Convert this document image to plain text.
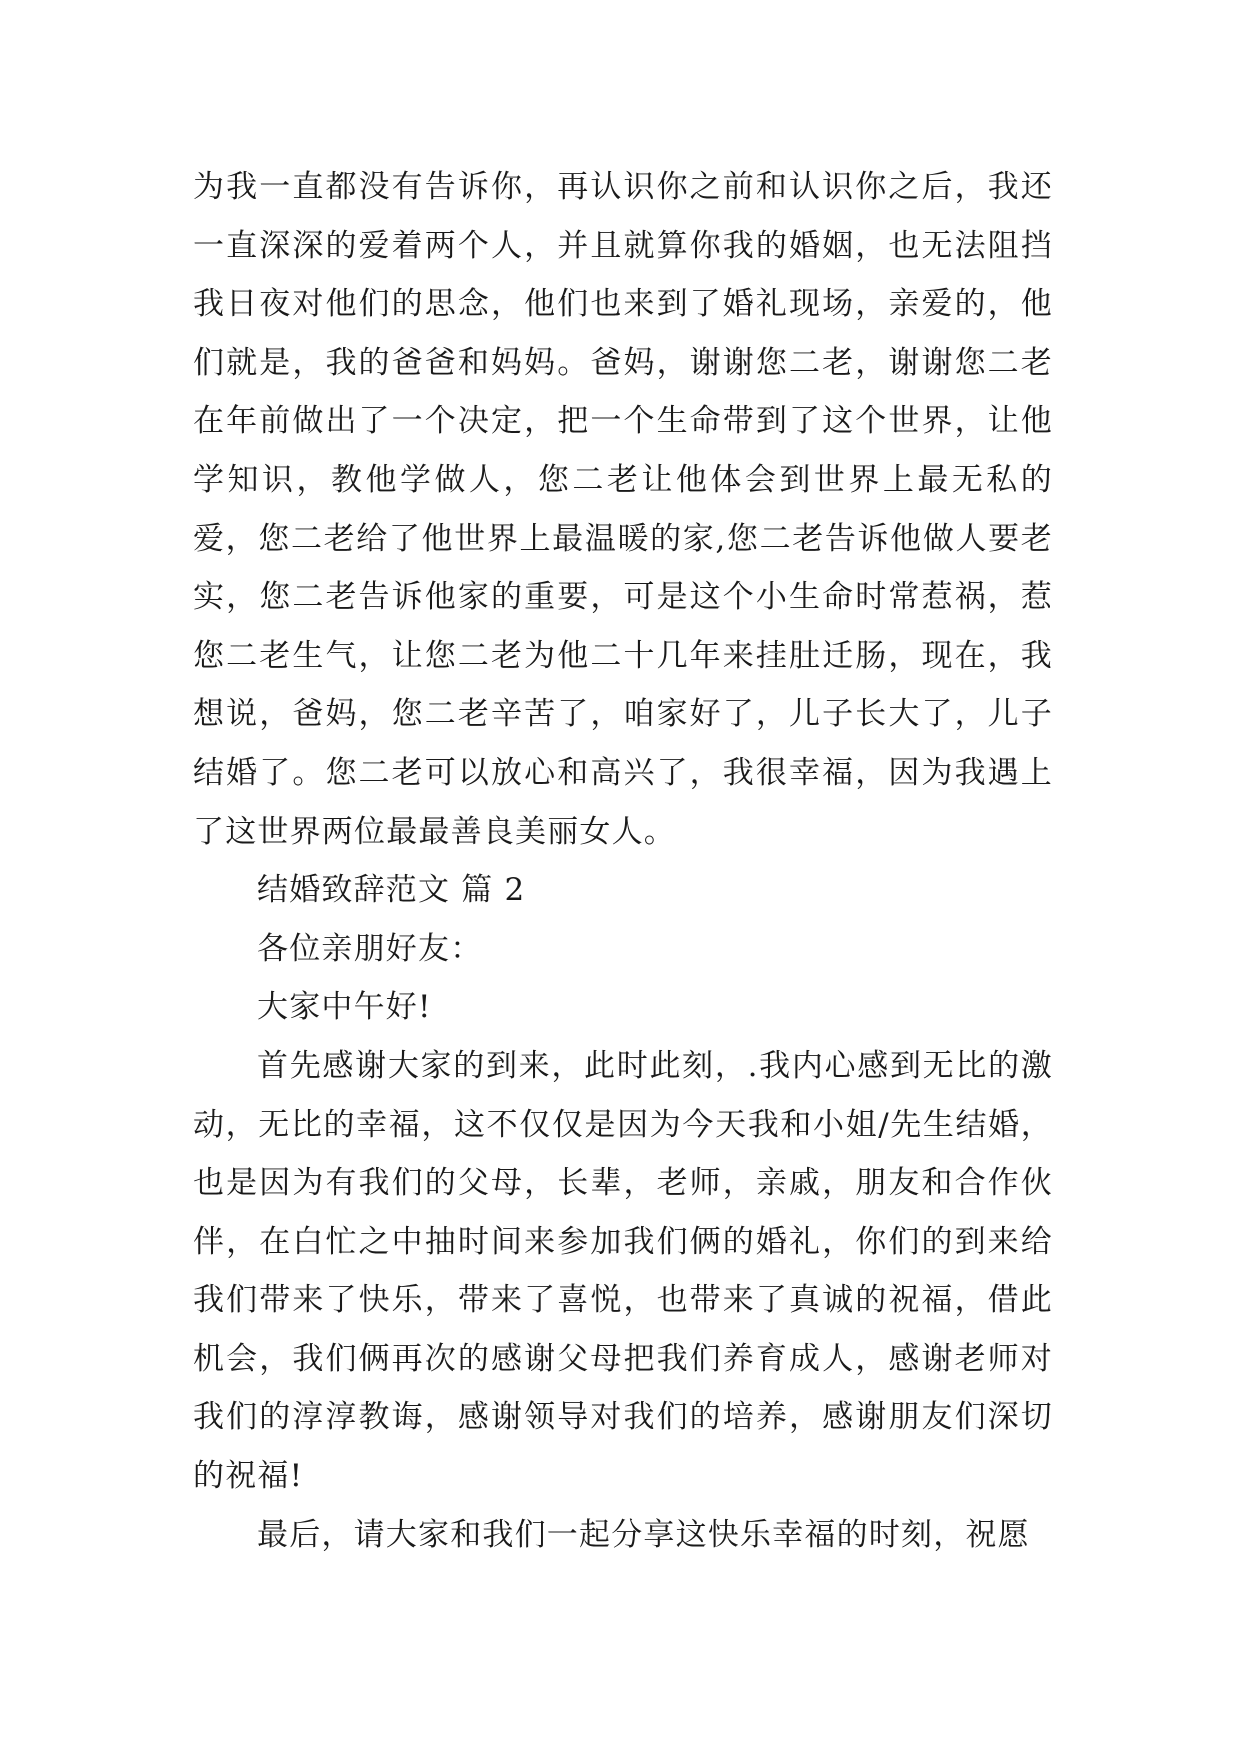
为我一直都没有告诉你，再认识你之前和认识你之后，我还一直深深的爱着两个人，并且就算你我的婚姻，也无法阻挡我日夜对他们的思念，他们也来到了婚礼现场，亲爱的，他们就是，我的爸爸和妈妈。爸妈，谢谢您二老，谢谢您二老在年前做出了一个决定，把一个生命带到了这个世界，让他学知识，教他学做人，您二老让他体会到世界上最无私的爱，您二老给了他世界上最温暖的家,您二老告诉他做人要老实，您二老告诉他家的重要，可是这个小生命时常惹祸，惹您二老生气，让您二老为他二十几年来挂肚迁肠，现在，我想说，爸妈，您二老辛苦了，咱家好了，儿子长大了，儿子结婚了。您二老可以放心和高兴了，我很幸福，因为我遇上了这世界两位最最善良美丽女人。

结婚致辞范文 篇 2

各位亲朋好友：

大家中午好!

首先感谢大家的到来，此时此刻，.我内心感到无比的激动，无比的幸福，这不仅仅是因为今天我和小姐/先生结婚，也是因为有我们的父母，长辈，老师，亲戚，朋友和合作伙伴，在白忙之中抽时间来参加我们俩的婚礼，你们的到来给我们带来了快乐，带来了喜悦，也带来了真诚的祝福，借此机会，我们俩再次的感谢父母把我们养育成人，感谢老师对我们的淳淳教诲，感谢领导对我们的培养，感谢朋友们深切的祝福!

最后，请大家和我们一起分享这快乐幸福的时刻，祝愿
